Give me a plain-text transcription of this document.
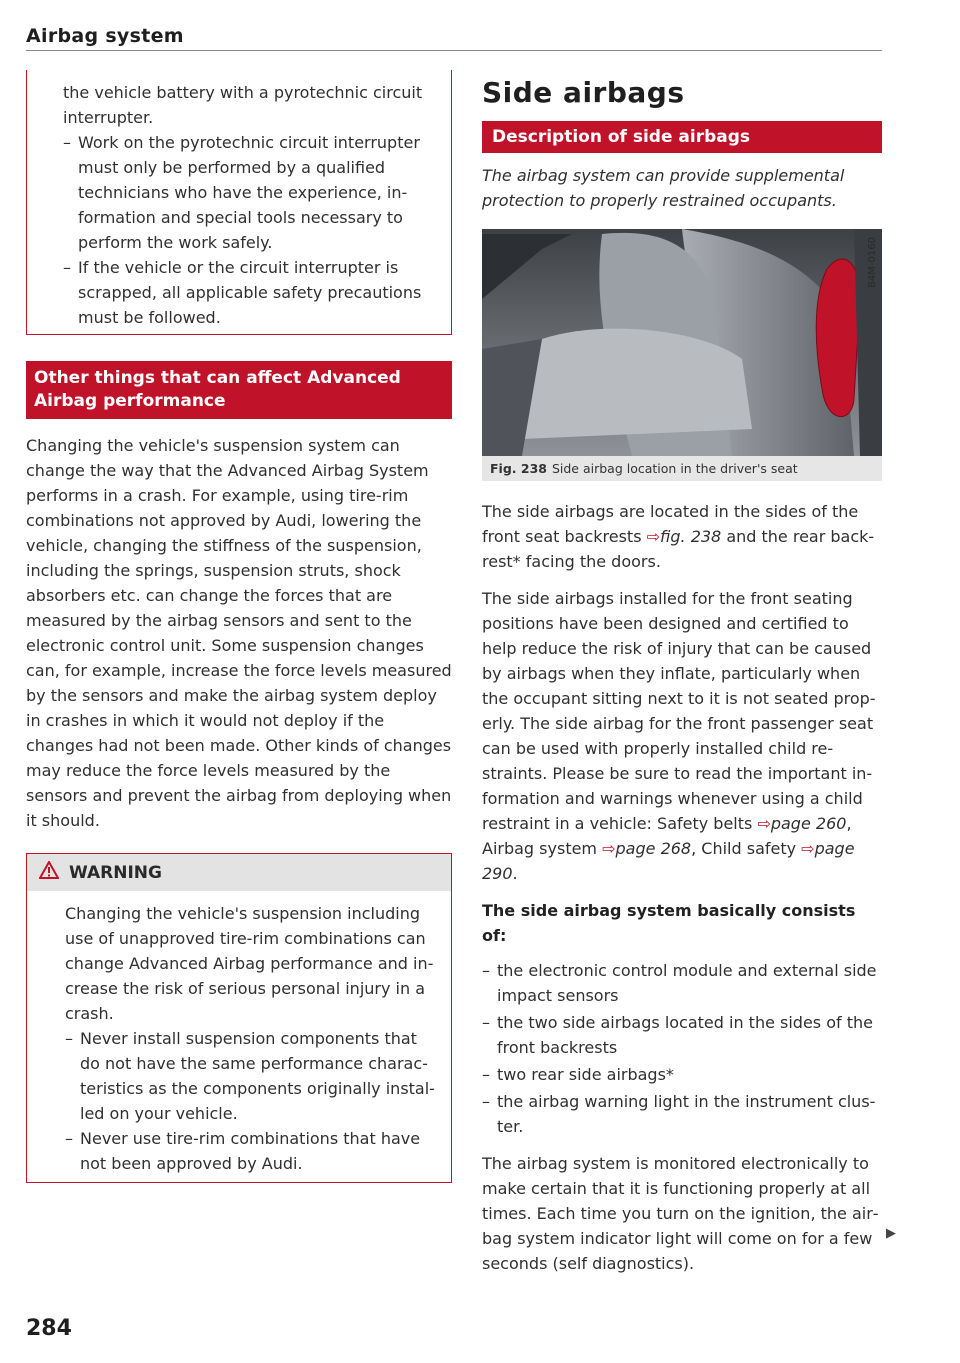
Airbag system

the vehicle battery with a pyrotechnic circuit interrupter.

– Work on the pyrotechnic circuit interrupter must only be performed by a qualified technicians who have the experience, information and special tools necessary to perform the work safely.
– If the vehicle or the circuit interrupter is scrapped, all applicable safety precautions must be followed.
Other things that can affect Advanced Airbag performance

Changing the vehicle's suspension system can change the way that the Advanced Airbag System performs in a crash. For example, using tire-rim combinations not approved by Audi, lowering the vehicle, changing the stiffness of the suspension, including the springs, suspension struts, shock absorbers etc. can change the forces that are measured by the airbag sensors and sent to the electronic control unit. Some suspension changes can, for example, increase the force levels measured by the sensors and make the airbag system deploy in crashes in which it would not deploy if the changes had not been made. Other kinds of changes may reduce the force levels measured by the sensors and prevent the airbag from deploying when it should.

WARNING

Changing the vehicle's suspension including use of unapproved tire-rim combinations can change Advanced Airbag performance and increase the risk of serious personal injury in a crash.

– Never install suspension components that do not have the same performance characteristics as the components originally installed on your vehicle.
– Never use tire-rim combinations that have not been approved by Audi.
284
Side airbags
Description of side airbags

The airbag system can provide supplemental protection to properly restrained occupants.

B4M-0160
Fig. 238 Side airbag location in the driver's seat

The side airbags are located in the sides of the front seat backrests ⇨fig. 238 and the rear backrest* facing the doors.

The side airbags installed for the front seating positions have been designed and certified to help reduce the risk of injury that can be caused by airbags when they inflate, particularly when the occupant sitting next to it is not seated properly. The side airbag for the front passenger seat can be used with properly installed child restraints. Please be sure to read the important information and warnings whenever using a child restraint in a vehicle: Safety belts ⇨page 260, Airbag system ⇨page 268, Child safety ⇨page 290.

The side airbag system basically consists of:

– the electronic control module and external side impact sensors
– the two side airbags located in the sides of the front backrests
– two rear side airbags*
– the airbag warning light in the instrument cluster.

The airbag system is monitored electronically to make certain that it is functioning properly at all times. Each time you turn on the ignition, the airbag system indicator light will come on for a few seconds (self diagnostics).

▶
